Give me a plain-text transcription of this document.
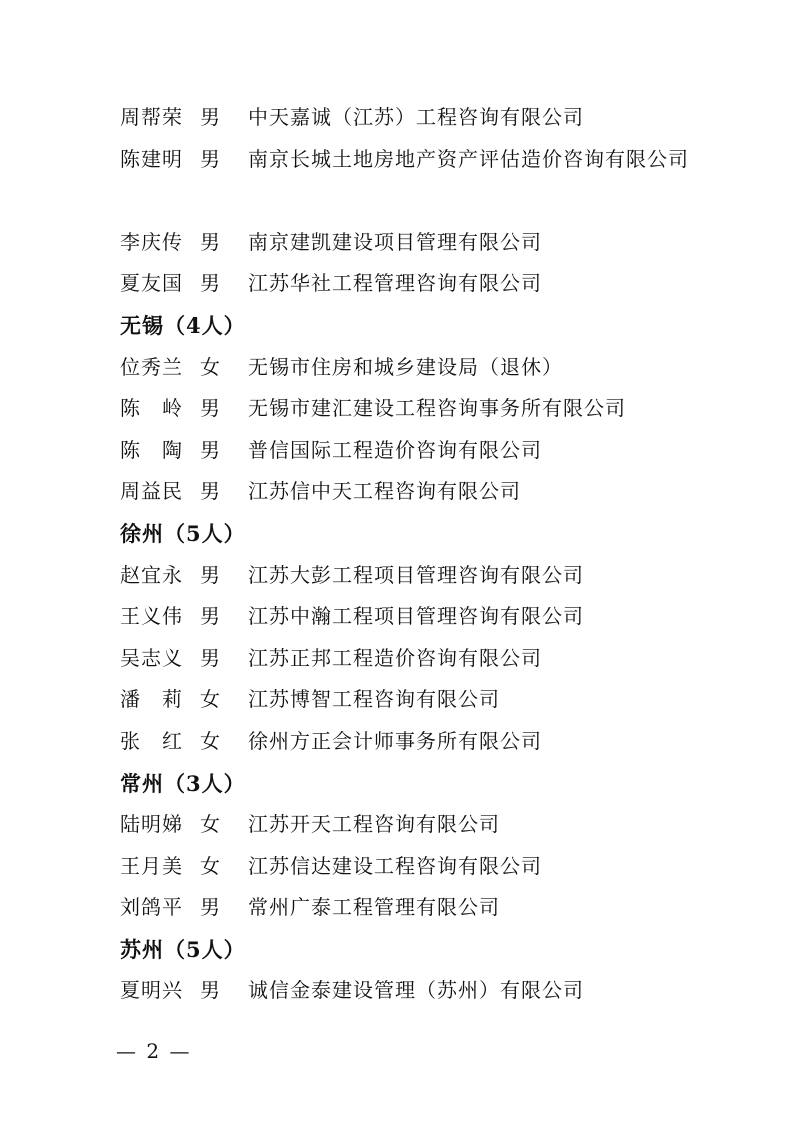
周帮荣 男	中天嘉诚（江苏）工程咨询有限公司
陈建明 男	南京长城土地房地产资产评估造价咨询有限公司
李庆传 男	南京建凯建设项目管理有限公司
夏友国 男	江苏华社工程管理咨询有限公司
无锡（4人）
位秀兰 女	无锡市住房和城乡建设局（退休）
陈 岭 男	无锡市建汇建设工程咨询事务所有限公司
陈 陶 男	普信国际工程造价咨询有限公司
周益民 男	江苏信中天工程咨询有限公司
徐州（5人）
赵宜永 男	江苏大彭工程项目管理咨询有限公司
王义伟 男	江苏中瀚工程项目管理咨询有限公司
吴志义 男	江苏正邦工程造价咨询有限公司
潘 莉 女	江苏博智工程咨询有限公司
张 红 女	徐州方正会计师事务所有限公司
常州（3人）
陆明娣 女	江苏开天工程咨询有限公司
王月美 女	江苏信达建设工程咨询有限公司
刘鸽平 男	常州广泰工程管理有限公司
苏州（5人）
夏明兴 男	诚信金泰建设管理（苏州）有限公司
— 2 —
